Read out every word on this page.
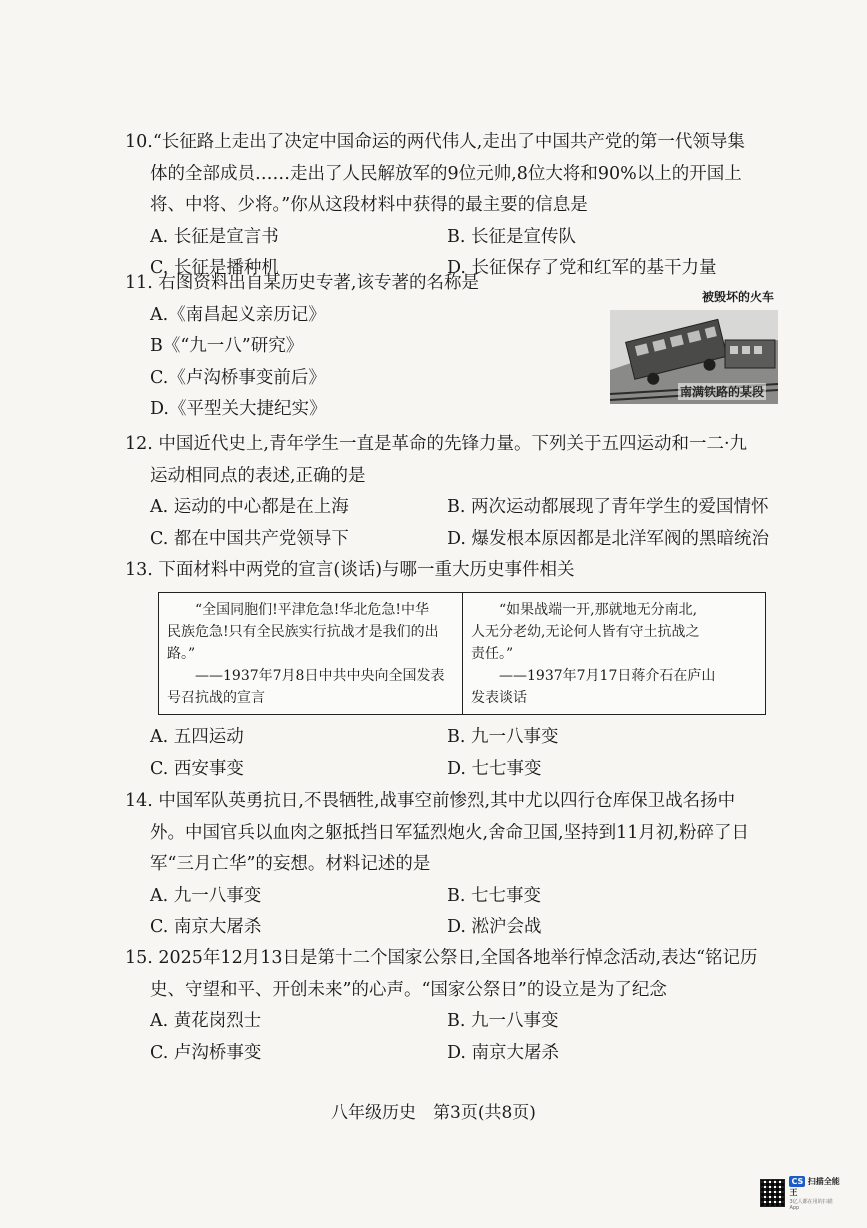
10.“长征路上走出了决定中国命运的两代伟人,走出了中国共产党的第一代领导集

体的全部成员……走出了人民解放军的9位元帅,8位大将和90%以上的开国上

将、中将、少将。”你从这段材料中获得的最主要的信息是

A. 长征是宣言书	B. 长征是宣传队
C. 长征是播种机	D. 长征保存了党和红军的基干力量

11. 右图资料出自某历史专著,该专著的名称是

A.《南昌起义亲历记》

B《“九一八”研究》

C.《卢沟桥事变前后》

D.《平型关大捷纪实》

被毁坏的火车
南满铁路的某段

12. 中国近代史上,青年学生一直是革命的先锋力量。下列关于五四运动和一二·九

运动相同点的表述,正确的是

A. 运动的中心都是在上海	B. 两次运动都展现了青年学生的爱国情怀
C. 都在中国共产党领导下	D. 爆发根本原因都是北洋军阀的黑暗统治

13. 下面材料中两党的宣言(谈话)与哪一重大历史事件相关

“全国同胞们!平津危急!华北危急!中华

民族危急!只有全民族实行抗战才是我们的出

路。”

——1937年7月8日中共中央向全国发表

号召抗战的宣言

“如果战端一开,那就地无分南北,

人无分老幼,无论何人皆有守土抗战之

责任。”

——1937年7月17日蒋介石在庐山

发表谈话

A. 五四运动	B. 九一八事变
C. 西安事变	D. 七七事变

14. 中国军队英勇抗日,不畏牺牲,战事空前惨烈,其中尤以四行仓库保卫战名扬中

外。中国官兵以血肉之躯抵挡日军猛烈炮火,舍命卫国,坚持到11月初,粉碎了日

军“三月亡华”的妄想。材料记述的是

A. 九一八事变	B. 七七事变
C. 南京大屠杀	D. 淞沪会战

15. 2025年12月13日是第十二个国家公祭日,全国各地举行悼念活动,表达“铭记历

史、守望和平、开创未来”的心声。“国家公祭日”的设立是为了纪念

A. 黄花岗烈士	B. 九一八事变
C. 卢沟桥事变	D. 南京大屠杀
八年级历史　第3页(共8页)
CS 扫描全能王
3亿人都在用的扫描App
